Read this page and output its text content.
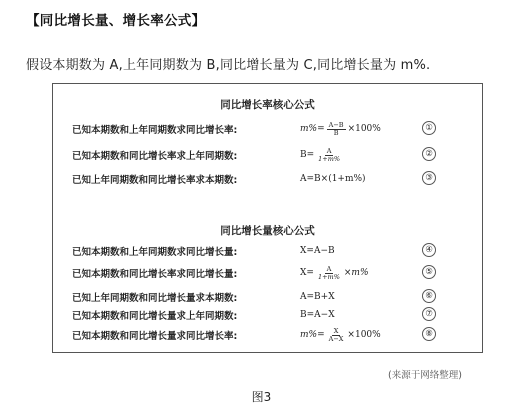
【同比增长量、增长率公式】
假设本期数为 A,上年同期数为 B,同比增长量为 C,同比增长量为 m%.
同比增长率核心公式
已知本期数和上年同期数求同比增长率:	$m\%= \frac{A-B}{B} \times 100\%$	①
已知本期数和同比增长率求上年同期数:	$B= \frac{A}{1+m\%}$	②
已知上年同期数和同比增长率求本期数:	A=B×(1+m%)	③
同比增长量核心公式
已知本期数和上年同期数求同比增长量:	X=A−B	④
已知本期数和同比增长率求同比增长量:	$X= \frac{A}{1+m\%} \times m\%$	⑤
已知上年同期数和同比增长量求本期数:	A=B+X	⑥
已知本期数和同比增长量求上年同期数:	B=A−X	⑦
已知本期数和同比增长量求同比增长率:	$m\%= \frac{X}{A-X} \times 100\%$	⑧
(来源于网络整理)
图3
